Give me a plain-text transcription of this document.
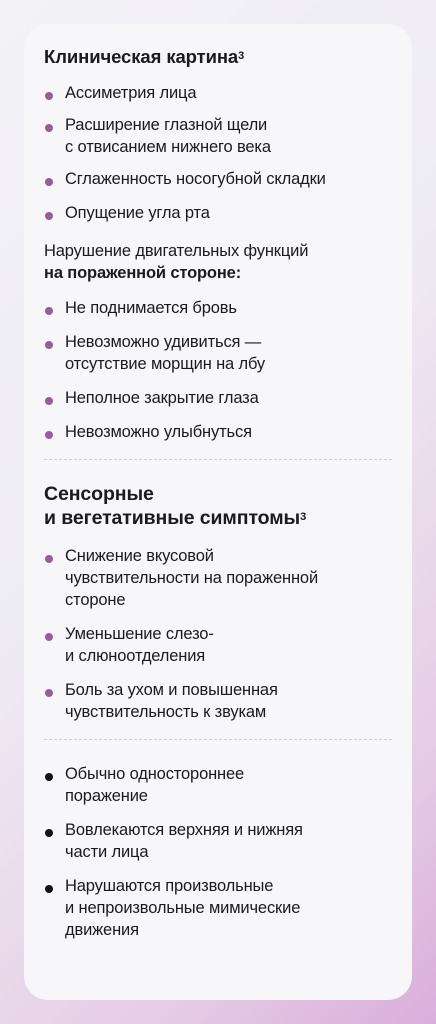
Клиническая картина$^3$
Ассиметрия лица
Расширение глазной щели
с отвисанием нижнего века
Сглаженность носогубной складки
Опущение угла рта

Нарушение двигательных функций
на пораженной стороне:

Не поднимается бровь
Невозможно удивиться —
отсутствие морщин на лбу
Неполное закрытие глаза
Невозможно улыбнуться
Сенсорные
и вегетативные симптомы$^3$
Снижение вкусовой
чувствительности на пораженной
стороне
Уменьшение слезо-
и слюноотделения
Боль за ухом и повышенная
чувствительность к звукам
Обычно одностороннее
поражение
Вовлекаются верхняя и нижняя
части лица
Нарушаются произвольные
и непроизвольные мимические
движения
